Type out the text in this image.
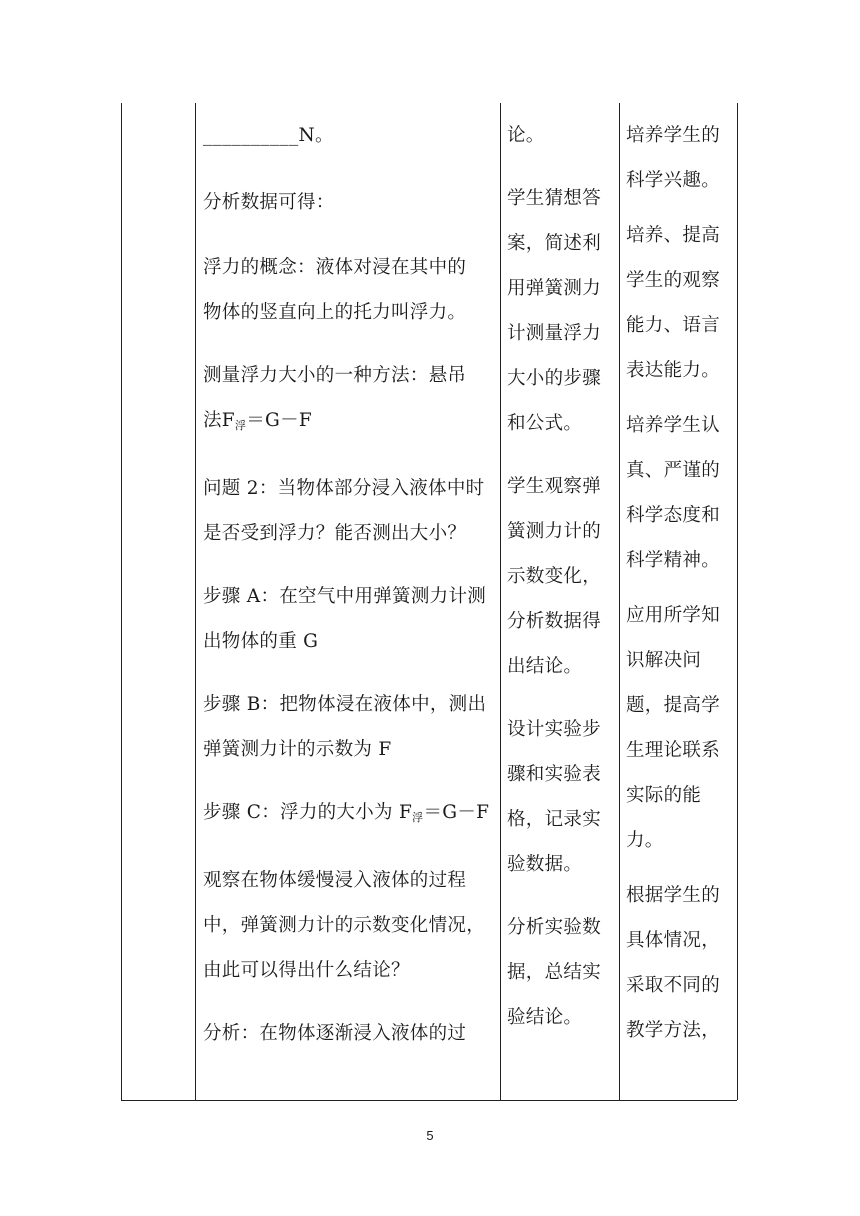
__________N。

分析数据可得：

浮力的概念：液体对浸在其中的

物体的竖直向上的托力叫浮力。

测量浮力大小的一种方法：悬吊

法$F_浮=G-F$

问题 2：当物体部分浸入液体中时

是否受到浮力？能否测出大小？

步骤 A：在空气中用弹簧测力计测

出物体的重 G

步骤 B：把物体浸在液体中，测出

弹簧测力计的示数为 F

步骤 C：浮力的大小为 $F_浮=G-F$

观察在物体缓慢浸入液体的过程

中，弹簧测力计的示数变化情况，

由此可以得出什么结论？

分析：在物体逐渐浸入液体的过

论。

学生猜想答

案，简述利

用弹簧测力

计测量浮力

大小的步骤

和公式。

学生观察弹

簧测力计的

示数变化，

分析数据得

出结论。

设计实验步

骤和实验表

格，记录实

验数据。

分析实验数

据，总结实

验结论。

培养学生的

科学兴趣。

培养、提高

学生的观察

能力、语言

表达能力。

培养学生认

真、严谨的

科学态度和

科学精神。

应用所学知

识解决问

题，提高学

生理论联系

实际的能

力。

根据学生的

具体情况，

采取不同的

教学方法，

5
